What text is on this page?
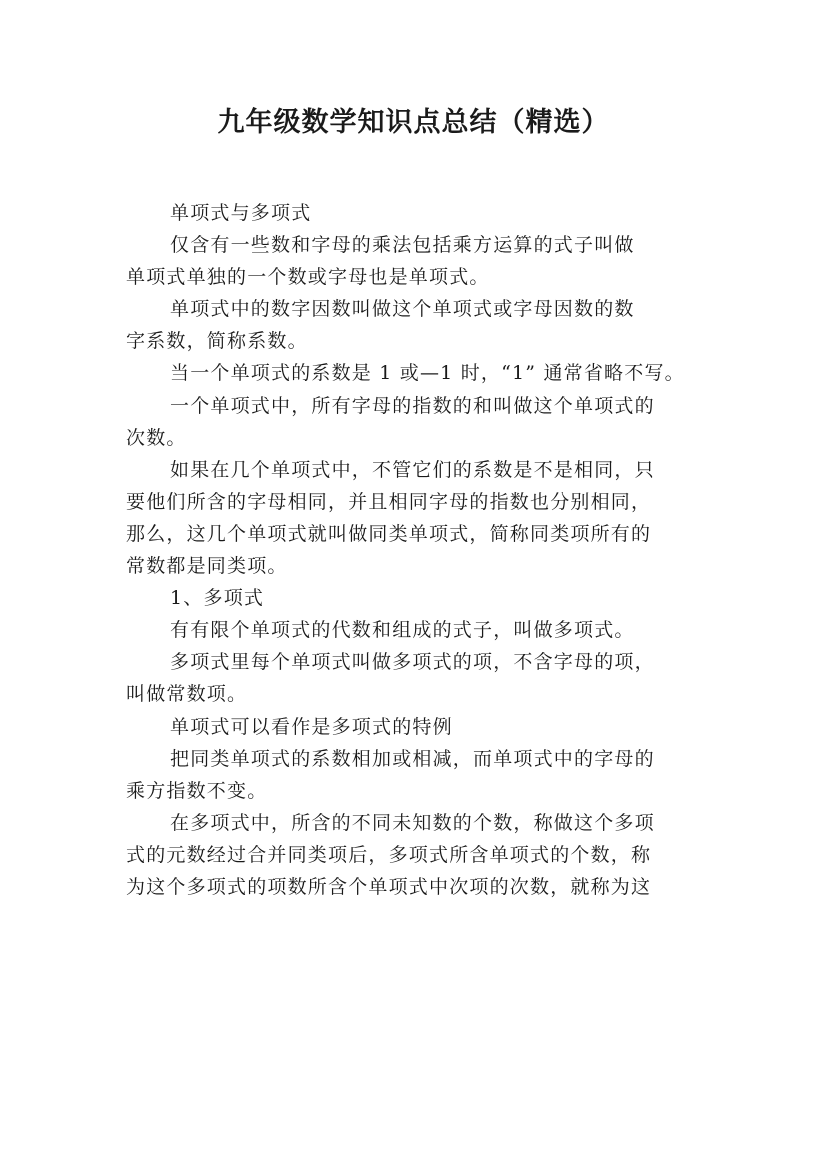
九年级数学知识点总结（精选）
单项式与多项式
仅含有一些数和字母的乘法包括乘方运算的式子叫做
单项式单独的一个数或字母也是单项式。
单项式中的数字因数叫做这个单项式或字母因数的数
字系数，简称系数。
当一个单项式的系数是 1 或—1 时，“1” 通常省略不写。
一个单项式中，所有字母的指数的和叫做这个单项式的
次数。
如果在几个单项式中，不管它们的系数是不是相同，只
要他们所含的字母相同，并且相同字母的指数也分别相同，
那么，这几个单项式就叫做同类单项式，简称同类项所有的
常数都是同类项。
1、多项式
有有限个单项式的代数和组成的式子，叫做多项式。
多项式里每个单项式叫做多项式的项，不含字母的项，
叫做常数项。
单项式可以看作是多项式的特例
把同类单项式的系数相加或相减，而单项式中的字母的
乘方指数不变。
在多项式中，所含的不同未知数的个数，称做这个多项
式的元数经过合并同类项后，多项式所含单项式的个数，称
为这个多项式的项数所含个单项式中次项的次数，就称为这
